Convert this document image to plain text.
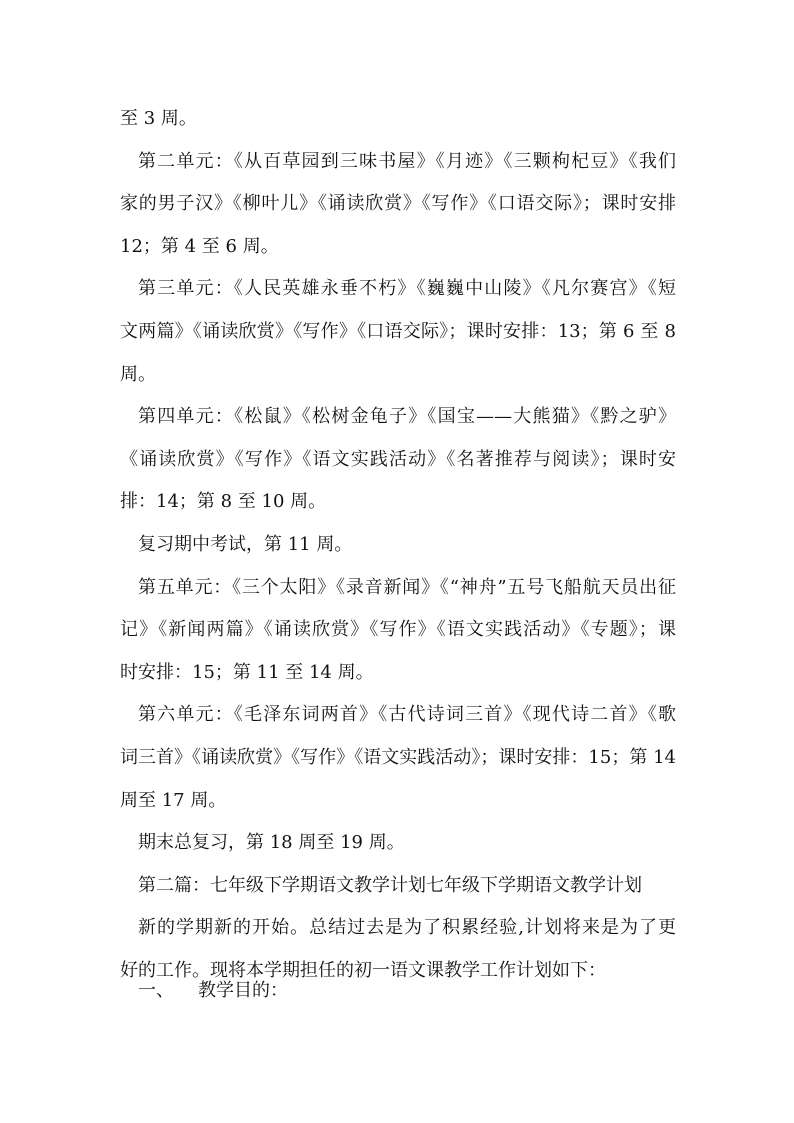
至 3 周。
第二单元：《从百草园到三味书屋》《月迹》《三颗枸杞豆》《我们
家的男子汉》《柳叶儿》《诵读欣赏》《写作》《口语交际》；课时安排
12；第 4 至 6 周。
第三单元：《人民英雄永垂不朽》《巍巍中山陵》《凡尔赛宫》《短
文两篇》《诵读欣赏》《写作》《口语交际》；课时安排：13；第 6 至 8
周。
第四单元：《松鼠》《松树金龟子》《国宝——大熊猫》《黔之驴》
《诵读欣赏》《写作》《语文实践活动》《名著推荐与阅读》；课时安
排：14；第 8 至 10 周。
复习期中考试，第 11 周。
第五单元：《三个太阳》《录音新闻》《“神舟”五号飞船航天员出征
记》《新闻两篇》《诵读欣赏》《写作》《语文实践活动》《专题》；课
时安排：15；第 11 至 14 周。
第六单元：《毛泽东词两首》《古代诗词三首》《现代诗二首》《歌
词三首》《诵读欣赏》《写作》《语文实践活动》；课时安排：15；第 14
周至 17 周。
期末总复习，第 18 周至 19 周。
第二篇：七年级下学期语文教学计划七年级下学期语文教学计划
新的学期新的开始。总结过去是为了积累经验,计划将来是为了更
好的工作。现将本学期担任的初一语文课教学工作计划如下：
一、 教学目的：
